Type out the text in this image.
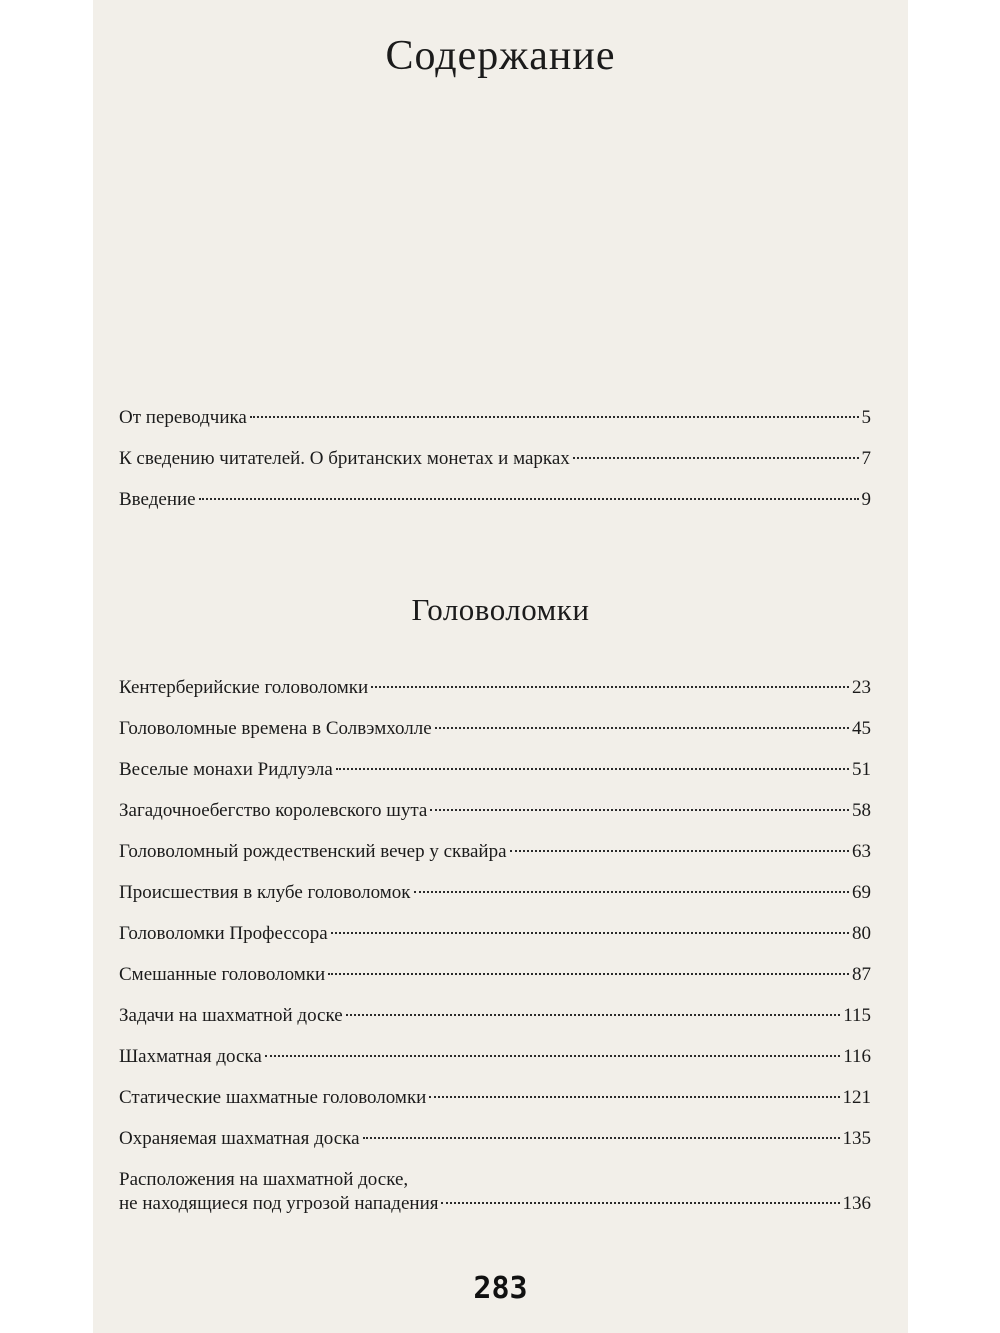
Содержание
От переводчика	5
К сведению читателей. О британских монетах и марках	7
Введение	9
Головоломки
Кентерберийские головоломки	23
Головоломные времена в Солвэмхолле	45
Веселые монахи Ридлуэла	51
Загадочноебегство королевского шута	58
Головоломный рождественский вечер у сквайра	63
Происшествия в клубе головоломок	69
Головоломки Профессора	80
Смешанные головоломки	87
Задачи на шахматной доске	115
Шахматная доска	116
Статические шахматные головоломки	121
Охраняемая шахматная доска	135
Расположения на шахматной доске,
не находящиеся под угрозой нападения	136
283
